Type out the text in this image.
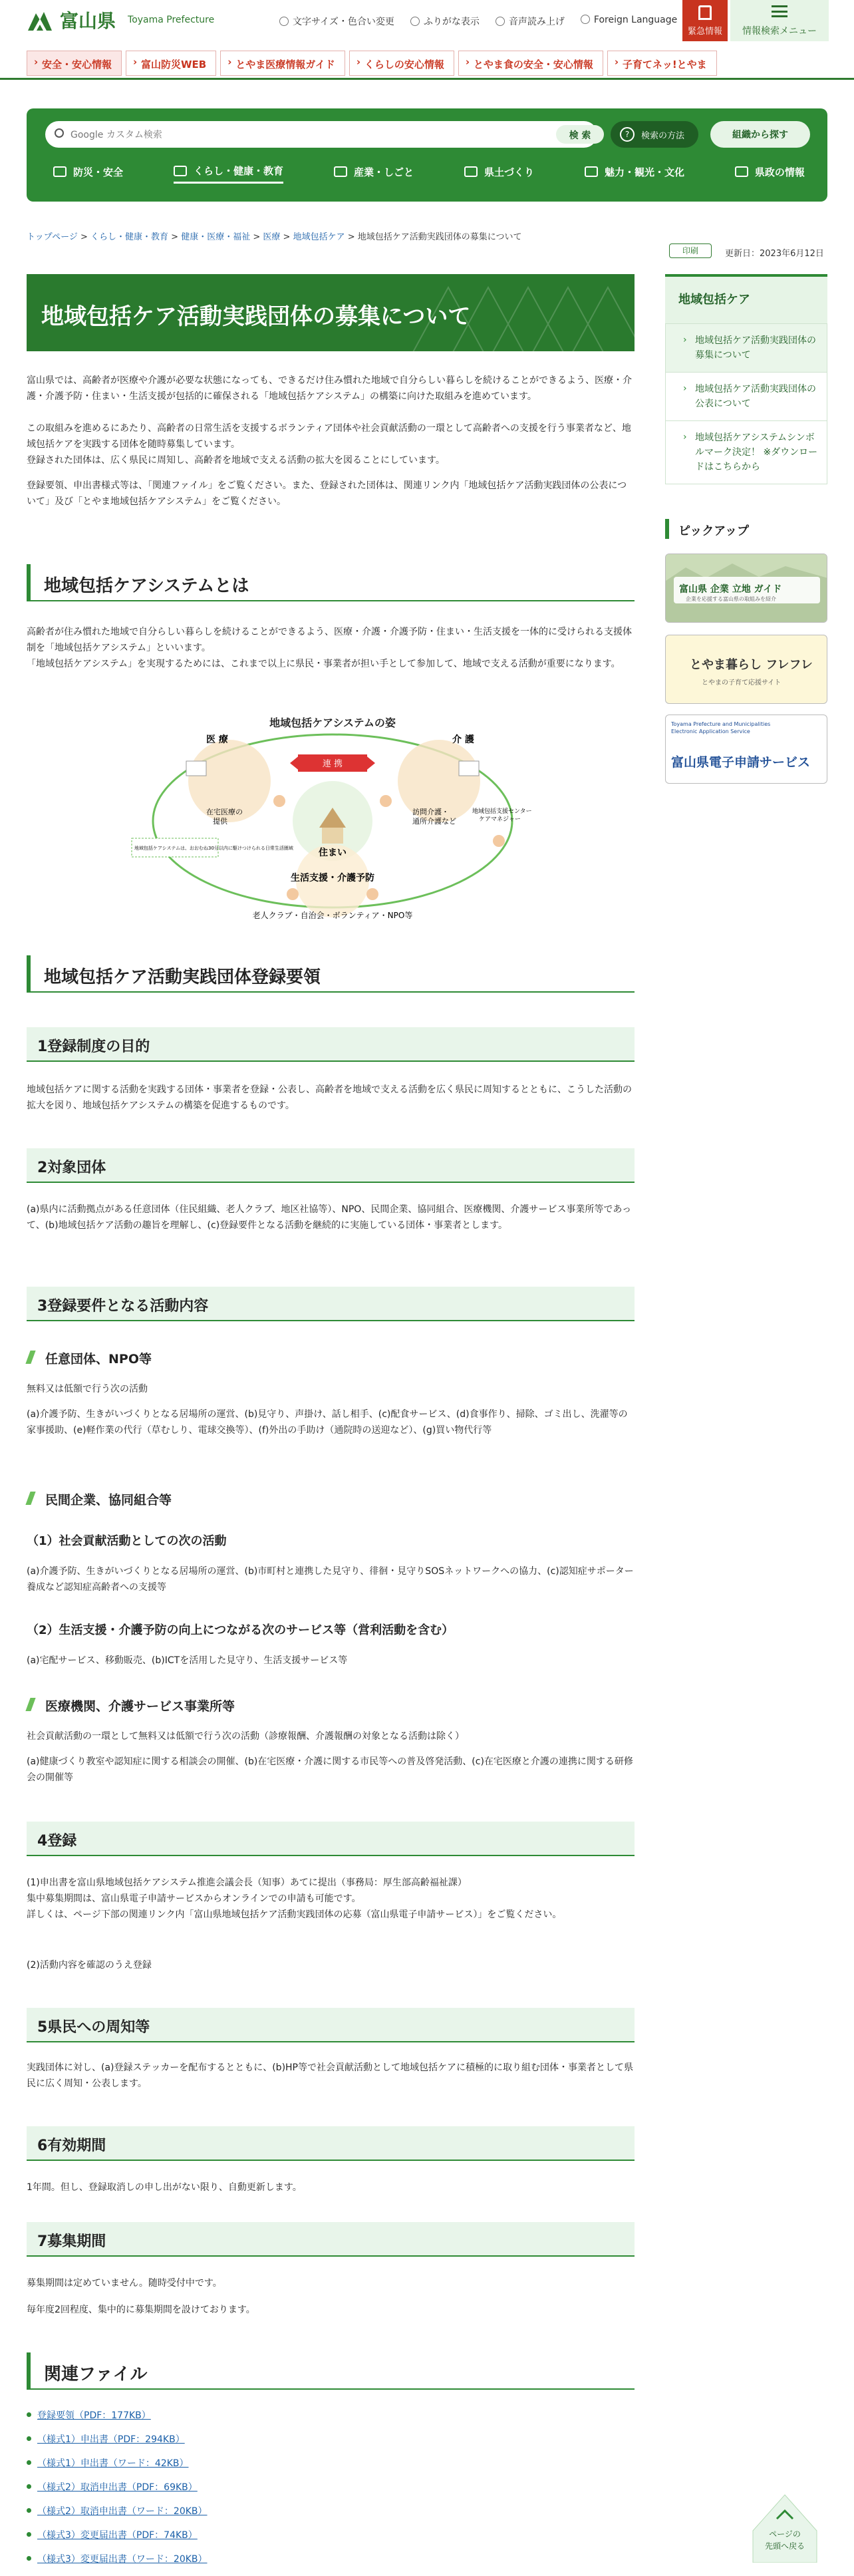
富山県 Toyama Prefecture	文字サイズ・色合い変更	ふりがな表示	音声読み上げ	Foreign Language
緊急情報	情報検索メニュー
› 安全・安心情報	› 富山防災WEB	› とやま医療情報ガイド	› くらしの安心情報	› とやま食の安全・安心情報	› 子育てネッ!とやま
Google カスタム検索	検 索	?	検索の方法	組織から探す
防災・安全	くらし・健康・教育	産業・しごと	県土づくり	魅力・観光・文化	県政の情報
トップページ > くらし・健康・教育 > 健康・医療・福祉 > 医療 > 地域包括ケア > 地域包括ケア活動実践団体の募集について
印刷	更新日：2023年6月12日
地域包括ケア活動実践団体の募集について
富山県では、高齢者が医療や介護が必要な状態になっても、できるだけ住み慣れた地域で自分らしい暮らしを続けることができるよう、医療・介護・介護予防・住まい・生活支援が包括的に確保される「地域包括ケアシステム」の構築に向けた取組みを進めています。
この取組みを進めるにあたり、高齢者の日常生活を支援するボランティア団体や社会貢献活動の一環として高齢者への支援を行う事業者など、地域包括ケアを実践する団体を随時募集しています。
登録された団体は、広く県民に周知し、高齢者を地域で支える活動の拡大を図ることにしています。
登録要領、申出書様式等は、「関連ファイル」をご覧ください。また、登録された団体は、関連リンク内「地域包括ケア活動実践団体の公表について」及び「とやま地域包括ケアシステム」をご覧ください。
地域包括ケアシステムとは
高齢者が住み慣れた地域で自分らしい暮らしを続けることができるよう、医療・介護・介護予防・住まい・生活支援を一体的に受けられる支援体制を「地域包括ケアシステム」といいます。
「地域包括ケアシステム」を実現するためには、これまで以上に県民・事業者が担い手として参加して、地域で支える活動が重要になります。
地域包括ケアシステムの姿
医 療	介 護
連 携
住まい
在宅医療の
提供
訪問介護・
通所介護など
地域包括支援センター
ケアマネジャー
地域包括ケアシステムは、おおむね30分以内に駆けつけられる日常生活圏域
生活支援・介護予防
老人クラブ・自治会・ボランティア・NPO等
地域包括ケア活動実践団体登録要領
1登録制度の目的
地域包括ケアに関する活動を実践する団体・事業者を登録・公表し、高齢者を地域で支える活動を広く県民に周知するとともに、こうした活動の拡大を図り、地域包括ケアシステムの構築を促進するものです。
2対象団体
(a)県内に活動拠点がある任意団体（住民組織、老人クラブ、地区社協等）、NPO、民間企業、協同組合、医療機関、介護サービス事業所等であって、(b)地域包括ケア活動の趣旨を理解し、(c)登録要件となる活動を継続的に実施している団体・事業者とします。
3登録要件となる活動内容
任意団体、NPO等
無料又は低額で行う次の活動
(a)介護予防、生きがいづくりとなる居場所の運営、(b)見守り、声掛け、話し相手、(c)配食サービス、(d)食事作り、掃除、ゴミ出し、洗濯等の家事援助、(e)軽作業の代行（草むしり、電球交換等）、(f)外出の手助け（通院時の送迎など）、(g)買い物代行等
民間企業、協同組合等
（1）社会貢献活動としての次の活動
(a)介護予防、生きがいづくりとなる居場所の運営、(b)市町村と連携した見守り、徘徊・見守りSOSネットワークへの協力、(c)認知症サポーター養成など認知症高齢者への支援等
（2）生活支援・介護予防の向上につながる次のサービス等（営利活動を含む）
(a)宅配サービス、移動販売、(b)ICTを活用した見守り、生活支援サービス等
医療機関、介護サービス事業所等
社会貢献活動の一環として無料又は低額で行う次の活動（診療報酬、介護報酬の対象となる活動は除く）
(a)健康づくり教室や認知症に関する相談会の開催、(b)在宅医療・介護に関する市民等への普及啓発活動、(c)在宅医療と介護の連携に関する研修会の開催等
4登録
(1)申出書を富山県地域包括ケアシステム推進会議会長（知事）あてに提出（事務局：厚生部高齢福祉課）
集中募集期間は、富山県電子申請サービスからオンラインでの申請も可能です。
詳しくは、ページ下部の関連リンク内「富山県地域包括ケア活動実践団体の応募（富山県電子申請サービス）」をご覧ください。
(2)活動内容を確認のうえ登録
5県民への周知等
実践団体に対し、(a)登録ステッカーを配布するとともに、(b)HP等で社会貢献活動として地域包括ケアに積極的に取り組む団体・事業者として県民に広く周知・公表します。
6有効期間
1年間。但し、登録取消しの申し出がない限り、自動更新します。
7募集期間
募集期間は定めていません。随時受付中です。
毎年度2回程度、集中的に募集期間を設けております。
関連ファイル
登録要領（PDF：177KB）
（様式1）申出書（PDF：294KB）
（様式1）申出書（ワード：42KB）
（様式2）取消申出書（PDF：69KB）
（様式2）取消申出書（ワード：20KB）
（様式3）変更届出書（PDF：74KB）
（様式3）変更届出書（ワード：20KB）
地域包括ケア
› 地域包括ケア活動実践団体の募集について
› 地域包括ケア活動実践団体の公表について
› 地域包括ケアシステムシンボルマーク決定！ ※ダウンロードはこちらから
ピックアップ
富山県 企業 立地 ガイド
企業を応援する富山県の取組みを紹介
とやま暮らし フレフレ
とやまの子育て応援サイト
Toyama Prefecture and Municipalities Electronic Application Service
富山県電子申請サービス
ページの
先頭へ戻る
